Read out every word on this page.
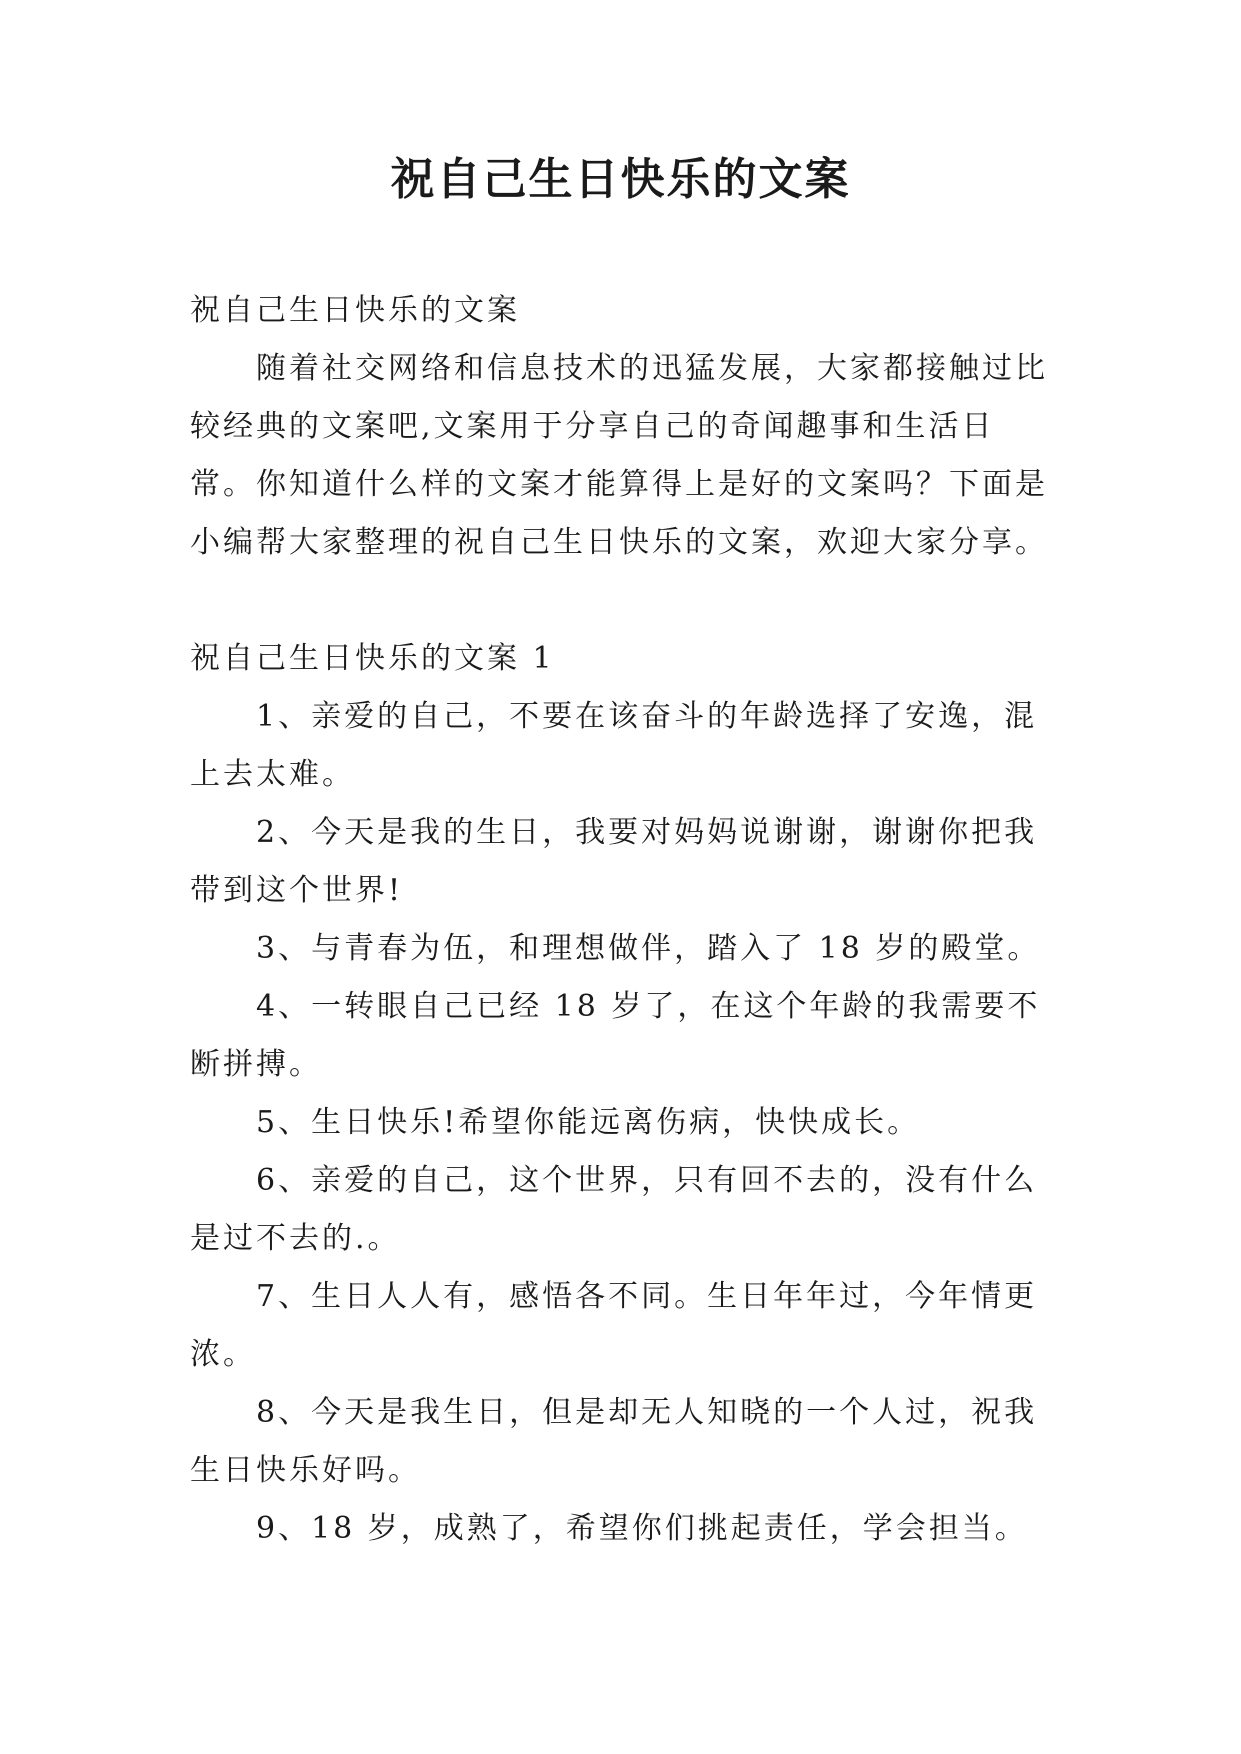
祝自己生日快乐的文案

祝自己生日快乐的文案

随着社交网络和信息技术的迅猛发展，大家都接触过比较经典的文案吧,文案用于分享自己的奇闻趣事和生活日常。你知道什么样的文案才能算得上是好的文案吗？下面是小编帮大家整理的祝自己生日快乐的文案，欢迎大家分享。

祝自己生日快乐的文案 1

1、亲爱的自己，不要在该奋斗的年龄选择了安逸，混上去太难。

2、今天是我的生日，我要对妈妈说谢谢，谢谢你把我带到这个世界!

3、与青春为伍，和理想做伴，踏入了 18 岁的殿堂。

4、一转眼自己已经 18 岁了，在这个年龄的我需要不断拼搏。

5、生日快乐!希望你能远离伤病，快快成长。

6、亲爱的自己，这个世界，只有回不去的，没有什么是过不去的.。

7、生日人人有，感悟各不同。生日年年过，今年情更浓。

8、今天是我生日，但是却无人知晓的一个人过，祝我生日快乐好吗。

9、18 岁，成熟了，希望你们挑起责任，学会担当。
